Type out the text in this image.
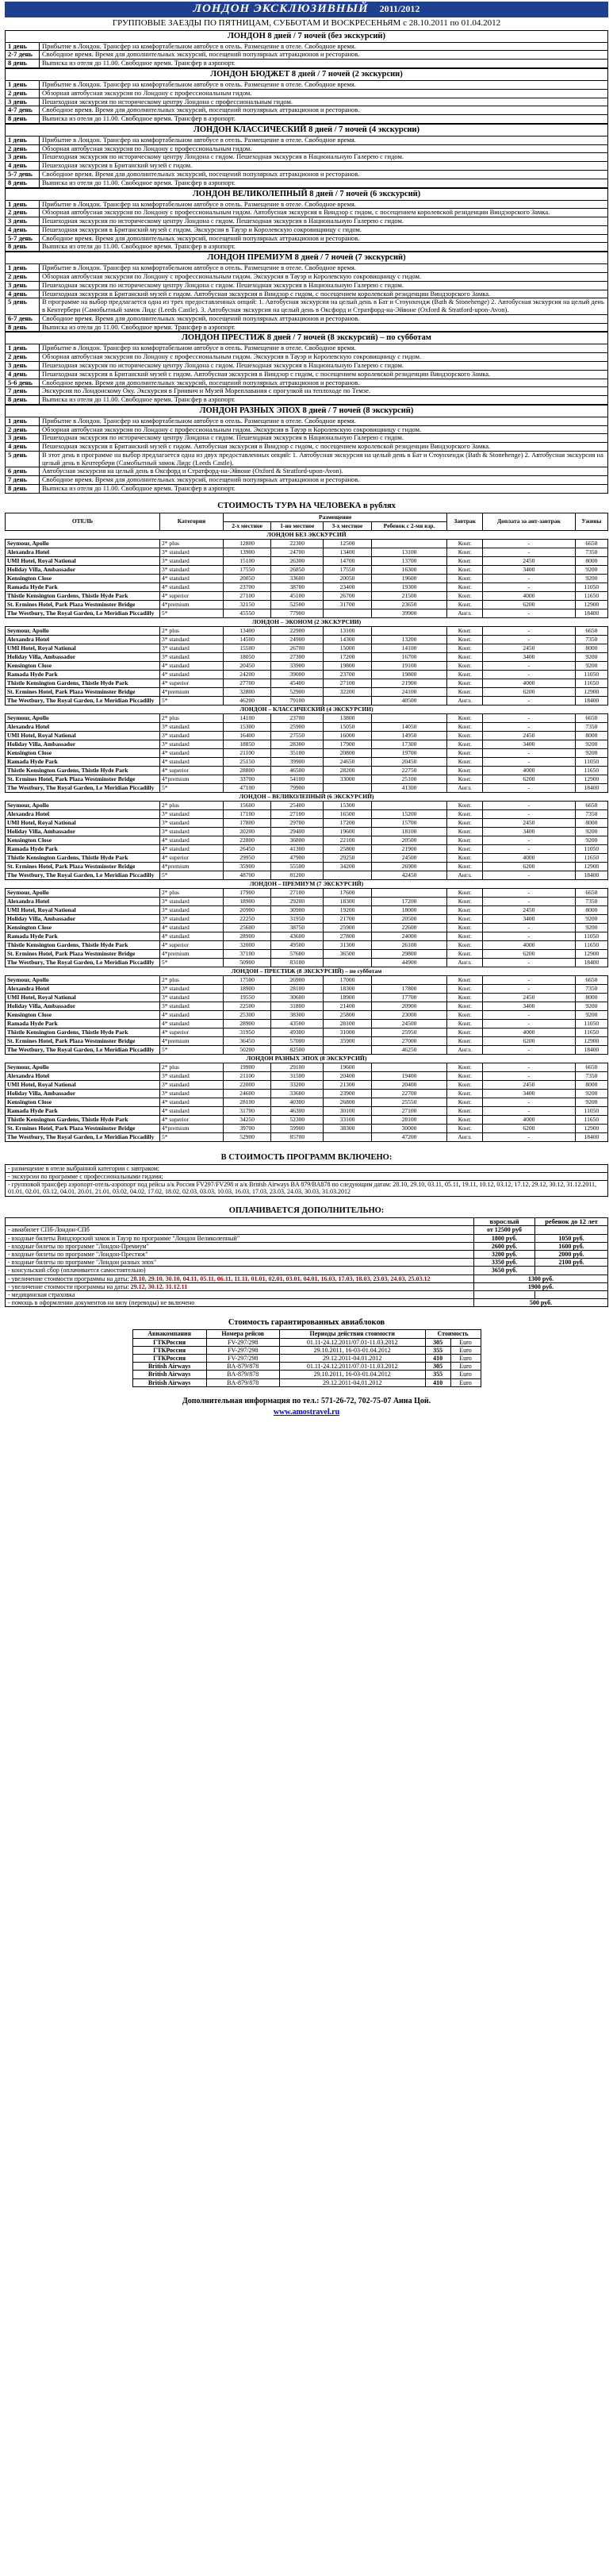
ЛОНДОН ЭКСКЛЮЗИВНЫЙ 2011/2012
ГРУППОВЫЕ ЗАЕЗДЫ ПО ПЯТНИЦАМ, СУББОТАМ И ВОСКРЕСЕНЬЯМ с 28.10.2011 по 01.04.2012
ЛОНДОН 8 дней / 7 ночей (без экскурсий)	
1 день	Прибытие в Лондон. Трансфер на комфортабельном автобусе в отель. Размещение в отеле. Свободное время.
2-7 день	Свободное время. Время для дополнительных экскурсий, посещений популярных аттракционов и ресторанов.
8 день	Выписка из отеля до 11.00. Свободное время. Трансфер в аэропорт.
ЛОНДОН БЮДЖЕТ 8 дней / 7 ночей (2 экскурсии)	
1 день	Прибытие в Лондон. Трансфер на комфортабельном автобусе в отель. Размещение в отеле. Свободное время.
2 день	Обзорная автобусная экскурсия по Лондону с профессиональным гидом.
3 день	Пешеходная экскурсия по историческому центру Лондона с профессиональным гидом.
4-7 день	Свободное время. Время для дополнительных экскурсий, посещений популярных аттракционов и ресторанов.
8 день	Выписка из отеля до 11.00. Свободное время. Трансфер в аэропорт.
ЛОНДОН КЛАССИЧЕСКИЙ 8 дней / 7 ночей (4 экскурсии)	
1 день	Прибытие в Лондон. Трансфер на комфортабельном автобусе в отель. Размещение в отеле. Свободное время.
2 день	Обзорная автобусная экскурсия по Лондону с профессиональным гидом.
3 день	Пешеходная экскурсия по историческому центру Лондона с гидом. Пешеходная экскурсия в Национальную Галерею с гидом.
4 день	Пешеходная экскурсия в Британский музей с гидом.
5-7 день	Свободное время. Время для дополнительных экскурсий, посещений популярных аттракционов и ресторанов.
8 день	Выписка из отеля до 11.00. Свободное время. Трансфер в аэропорт.
ЛОНДОН ВЕЛИКОЛЕПНЫЙ 8 дней / 7 ночей (6 экскурсий)	
1 день	Прибытие в Лондон. Трансфер на комфортабельном автобусе в отель. Размещение в отеле. Свободное время.
2 день	Обзорная автобусная экскурсия по Лондону с профессиональным гидом. Автобусная экскурсия в Виндзор с гидом, с посещением королевской резиденции Виндзорского Замка.
3 день	Пешеходная экскурсия по историческому центру Лондона с гидом. Пешеходная экскурсия в Национальную Галерею с гидом.
4 день	Пешеходная экскурсия в Британский музей с гидом. Экскурсия в Тауэр и Королевскую сокровищницу с гидом.
5-7 день	Свободное время. Время для дополнительных экскурсий, посещений популярных аттракционов и ресторанов.
8 день	Выписка из отеля до 11.00. Свободное время. Трансфер в аэропорт.
ЛОНДОН ПРЕМИУМ 8 дней / 7 ночей (7 экскурсий)	
1 день	Прибытие в Лондон. Трансфер на комфортабельном автобусе в отель. Размещение в отеле. Свободное время.
2 день	Обзорная автобусная экскурсия по Лондону с профессиональным гидом. Экскурсия в Тауэр и Королевскую сокровищницу с гидом.
3 день	Пешеходная экскурсия по историческому центру Лондона с гидом. Пешеходная экскурсия в Национальную Галерею с гидом.
4 день	Пешеходная экскурсия в Британский музей с гидом. Автобусная экскурсия в Виндзор с гидом, с посещением королевской резиденции Виндзорского Замка.
5 день	В программе на выбор предлагается одна из трех предоставленных опций: 1. Автобусная экскурсия на целый день в Бат и Стоунхендж (Bath & Stonehenge) 2. Автобусная экскурсия на целый день в Кентербери (Самобытный замок Лидс (Leeds Castle). 3. Автобусная экскурсия на целый день в Оксфорд и Стратфорд-на-Эйвоне (Oxford & Stratford-upon-Avon).
6-7 день	Свободное время. Время для дополнительных экскурсий, посещений популярных аттракционов и ресторанов.
8 день	Выписка из отеля до 11.00. Свободное время. Трансфер в аэропорт.
ЛОНДОН ПРЕСТИЖ 8 дней / 7 ночей (8 экскурсий) – по субботам	
1 день	Прибытие в Лондон. Трансфер на комфортабельном автобусе в отель. Размещение в отеле. Свободное время.
2 день	Обзорная автобусная экскурсия по Лондону с профессиональным гидом. Экскурсия в Тауэр и Королевскую сокровищницу с гидом.
3 день	Пешеходная экскурсия по историческому центру Лондона с гидом. Пешеходная экскурсия в Национальную Галерею с гидом.
4 день	Пешеходная экскурсия в Британский музей с гидом. Автобусная экскурсия в Виндзор с гидом, с посещением королевской резиденции Виндзорского Замка.
5-6 день	Свободное время. Время для дополнительных экскурсий, посещений популярных аттракционов и ресторанов.
7 день	Экскурсия по Лондонскому Оку. Экскурсия в Гринвич и Музей Мореплавания с прогулкой на теплоходе по Темзе.
8 день	Выписка из отеля до 11.00. Свободное время. Трансфер в аэропорт.
ЛОНДОН РАЗНЫХ ЭПОХ 8 дней / 7 ночей (8 экскурсий)	
1 день	Прибытие в Лондон. Трансфер на комфортабельном автобусе в отель. Размещение в отеле. Свободное время.
2 день	Обзорная автобусная экскурсия по Лондону с профессиональным гидом. Экскурсия в Тауэр и Королевскую сокровищницу с гидом.
3 день	Пешеходная экскурсия по историческому центру Лондона с гидом. Пешеходная экскурсия в Национальную Галерею с гидом.
4 день	Пешеходная экскурсия в Британский музей с гидом. Автобусная экскурсия в Виндзор с гидом, с посещением королевской резиденции Виндзорского Замка.
5 день	В этот день в программе на выбор предлагается одна из двух предоставленных опций: 1. Автобусная экскурсия на целый день в Бат и Стоунхендж (Bath & Stonehenge) 2. Автобусная экскурсия на целый день в Кентербери (Самобытный замок Лидс (Leeds Castle).
6 день	Автобусная экскурсия на целый день в Оксфорд и Стратфорд-на-Эйвоне (Oxford & Stratford-upon-Avon).
7 день	Свободное время. Время для дополнительных экскурсий, посещений популярных аттракционов и ресторанов.
8 день	Выписка из отеля до 11.00. Свободное время. Трансфер в аэропорт.
СТОИМОСТЬ ТУРА НА ЧЕЛОВЕКА в рублях
ОТЕЛЬ	Категория	Размещение				Завтрак	Доплата за ант-завтрак	Ужины
		2-х местное	1-но местное	3-х местное	Ребенок с 2-мя взр.			
ЛОНДОН БЕЗ ЭКСКУРСИЙ								
Seymour, Apollo	2* plus	12800	22300	12500		Конт.	-	6650
Alexandra Hotel	3* standard	13900	24700	13400	13100	Конт.	-	7350
UMI Hotel, Royal National	3* standard	15100	26300	14700	13700	Конт.	2450	8000
Holiday Villa, Ambassador	3* standard	17550	26850	17550	16300	Конт.	3400	9200
Kensington Close	4* standard	20050	33600	20050	19600	Конт.	-	9200
Ramada Hyde Park	4* standard	23700	38700	23400	19300	Конт.	-	11050
Thistle Kensington Gardens, Thistle Hyde Park	4* superior	27100	45100	26700	21500	Конт.	4000	11650
St. Ermines Hotel, Park Plaza Westminster Bridge	4*premium	32150	52500	31700	23650	Конт.	6200	12900
The Westbury, The Royal Garden, Le Meridian Piccadilly	5*	45550	77900		39900	Англ.	-	18400
ЛОНДОН – ЭКОНОМ (2 ЭКСКУРСИИ)								
Seymour, Apollo	2* plus	13400	22900	13100		Конт.	-	6650
Alexandra Hotel	3* standard	14500	24900	14300	13200	Конт.	-	7350
UMI Hotel, Royal National	3* standard	15500	26700	15000	14100	Конт.	2450	8000
Holiday Villa, Ambassador	3* standard	18050	27300	17200	16700	Конт.	3400	9200
Kensington Close	4* standard	20450	33900	19800	19100	Конт.	-	9200
Ramada Hyde Park	4* standard	24200	39000	23700	19800	Конт.	-	11050
Thistle Kensington Gardens, Thistle Hyde Park	4* superior	27700	45400	27100	21900	Конт.	4000	11650
St. Ermines Hotel, Park Plaza Westminster Bridge	4*premium	32800	52900	32200	24100	Конт.	6200	12900
The Westbury, The Royal Garden, Le Meridian Piccadilly	5*	46200	79100		40500	Англ.	-	18400
ЛОНДОН – КЛАССИЧЕСКИЙ (4 ЭКСКУРСИИ)								
Seymour, Apollo	2* plus	14100	23700	13800		Конт.	-	6650
Alexandra Hotel	3* standard	15300	25900	15050	14050	Конт.	-	7350
UMI Hotel, Royal National	3* standard	16400	27550	16000	14950	Конт.	2450	8000
Holiday Villa, Ambassador	3* standard	18850	28300	17900	17300	Конт.	3400	9200
Kensington Close	4* standard	21100	35100	20800	19700	Конт.	-	9200
Ramada Hyde Park	4* standard	25150	39900	24650	20450	Конт.	-	11050
Thistle Kensington Gardens, Thistle Hyde Park	4* superior	28800	46500	28200	22750	Конт.	4000	11650
St. Ermines Hotel, Park Plaza Westminster Bridge	4*premium	33700	54100	33000	25100	Конт.	6200	12900
The Westbury, The Royal Garden, Le Meridian Piccadilly	5*	47100	79900		41300	Англ.	-	18400
ЛОНДОН – ВЕЛИКОЛЕПНЫЙ (6 ЭКСКУРСИЙ)								
Seymour, Apollo	2* plus	15600	25400	15300		Конт.	-	6650
Alexandra Hotel	3* standard	17100	27100	16500	15200	Конт.	-	7350
UMI Hotel, Royal National	3* standard	17800	29700	17200	15700	Конт.	2450	8000
Holiday Villa, Ambassador	3* standard	20200	29400	19600	18100	Конт.	3400	9200
Kensington Close	4* standard	22800	36800	22100	20500	Конт.	-	9200
Ramada Hyde Park	4* standard	26450	41300	25800	21900	Конт.	-	11050
Thistle Kensington Gardens, Thistle Hyde Park	4* superior	29950	47900	29250	24500	Конт.	4000	11650
St. Ermines Hotel, Park Plaza Westminster Bridge	4*premium	35900	55500	34200	26900	Конт.	6200	12900
The Westbury, The Royal Garden, Le Meridian Piccadilly	5*	48700	81200		42450	Англ.	-	18400
ЛОНДОН – ПРЕМИУМ (7 ЭКСКУРСИЙ)								
Seymour, Apollo	2* plus	17900	27100	17600		Конт.	-	6650
Alexandra Hotel	3* standard	18900	29200	18300	17200	Конт.	-	7350
UMI Hotel, Royal National	3* standard	20900	30900	19200	18000	Конт.	2450	8000
Holiday Villa, Ambassador	3* standard	22250	31950	21700	20500	Конт.	3400	9200
Kensington Close	4* standard	25600	38750	25900	22600	Конт.	-	9200
Ramada Hyde Park	4* standard	28900	43600	27800	24000	Конт.	-	11050
Thistle Kensington Gardens, Thistle Hyde Park	4* superior	32000	49500	31300	26100	Конт.	4000	11650
St. Ermines Hotel, Park Plaza Westminster Bridge	4*premium	37100	57600	36500	29800	Конт.	6200	12900
The Westbury, The Royal Garden, Le Meridian Piccadilly	5*	50900	83100		44900	Англ.	-	18400
ЛОНДОН – ПРЕСТИЖ (8 ЭКСКУРСИЙ) – по субботам								
Seymour, Apollo	2* plus	17500	26900	17000		Конт.	-	6650
Alexandra Hotel	3* standard	18900	28100	18300	17800	Конт.	-	7350
UMI Hotel, Royal National	3* standard	19550	30600	18900	17700	Конт.	2450	8000
Holiday Villa, Ambassador	3* standard	22500	31800	21400	20900	Конт.	3400	9200
Kensington Close	4* standard	25300	38300	25800	23000	Конт.	-	9200
Ramada Hyde Park	4* standard	28900	43500	28100	24500	Конт.	-	11050
Thistle Kensington Gardens, Thistle Hyde Park	4* superior	31950	49300	31000	25950	Конт.	4000	11650
St. Ermines Hotel, Park Plaza Westminster Bridge	4*premium	36450	57000	35900	27000	Конт.	6200	12900
The Westbury, The Royal Garden, Le Meridian Piccadilly	5*	50200	82500		46250	Англ.	-	18400
ЛОНДОН РАЗНЫХ ЭПОХ (8 ЭКСКУРСИЙ)								
Seymour, Apollo	2* plus	19900	29100	19600		Конт.	-	6650
Alexandra Hotel	3* standard	21100	31500	20400	19400	Конт.	-	7350
UMI Hotel, Royal National	3* standard	22000	33200	21300	20400	Конт.	2450	8000
Holiday Villa, Ambassador	3* standard	24600	33600	23900	22700	Конт.	3400	9200
Kensington Close	4* standard	28100	40300	26800	25550	Конт.	-	9200
Ramada Hyde Park	4* standard	31700	46300	30100	27100	Конт.	-	11050
Thistle Kensington Gardens, Thistle Hyde Park	4* superior	34250	52300	33100	28100	Конт.	4000	11650
St. Ermines Hotel, Park Plaza Westminster Bridge	4*premium	39700	59900	38300	30000	Конт.	6200	12900
The Westbury, The Royal Garden, Le Meridian Piccadilly	5*	52900	85700		47200	Англ.	-	18400
В СТОИМОСТЬ ПРОГРАММ ВКЛЮЧЕНО:
- размещение в отеле выбранной категории с завтраком;
- экскурсии по программе с профессиональными гидами;
- групповой трансфер аэропорт-отель-аэропорт под рейсы а/к Россия FV297/FV298 и а/к British Airways BA 879/BA878 по следующим датам: 28.10, 29.10, 03.11, 05.11, 19.11, 10.12, 03.12, 17.12, 29.12, 30.12, 31.12.2011, 01.01, 02.01, 03.12, 04.01, 20.01, 21.01, 03.02, 04.02, 17.02, 18.02, 02.03, 03.03, 10.03, 16.03, 17.03, 23.03, 24.03, 30.03, 31.03.2012
ОПЛАЧИВАЕТСЯ ДОПОЛНИТЕЛЬНО:
	взрослый	ребенок до 12 лет
- авиабилет СПб-Лондон-СПб	от 12500 руб	
- входные билеты Виндзорский замок и Тауэр по программе "Лондон Великолепный"	1800 руб.	1050 руб.
- входные билеты по программе "Лондон-Премиум"	2600 руб.	1600 руб.
- входные билеты по программе "Лондон-Престиж"	3200 руб.	2000 руб.
- входные билеты по программе "Лондон разных эпох"	3350 руб.	2100 руб.
- консульский сбор (оплачивается самостоятельно)	3650 руб.	
- увеличение стоимости программы на даты: 28.10, 29.10, 30.10, 04.11, 05.11, 06.11, 11.11, 01.01, 02.01, 03.01, 04.01, 16.03, 17.03, 18.03, 23.03, 24.03, 25.03.12	1300 руб.	
- увеличение стоимости программы на даты: 29.12, 30.12, 31.12.11	1900 руб.	
- медицинская страховка		
- помощь в оформлении документов на визу (переводы) не включено	500 руб.	
Стоимость гарантированных авиаблоков
Авиакомпания	Номера рейсов	Периоды действия стоимости	Стоимость	
ГТКРоссия	FV-297/298	01.11-24.12.2011/07.01-11.03.2012	305	Euro
ГТКРоссия	FV-297/298	29.10.2011, 16-03-01.04.2012	355	Euro
ГТКРоссия	FV-297/298	29.12.2011-04.01.2012	410	Euro
British Airways	BA-879/878	01.11-24.12.2011/07.01-11.03.2012	305	Euro
British Airways	BA-879/878	29.10.2011, 16-03-01.04.2012	355	Euro
British Airways	BA-879/878	29.12.2011-04.01.2012	410	Euro
Дополнительная информация по тел.: 571-26-72, 702-75-07 Анна Цой.
www.amostravel.ru
